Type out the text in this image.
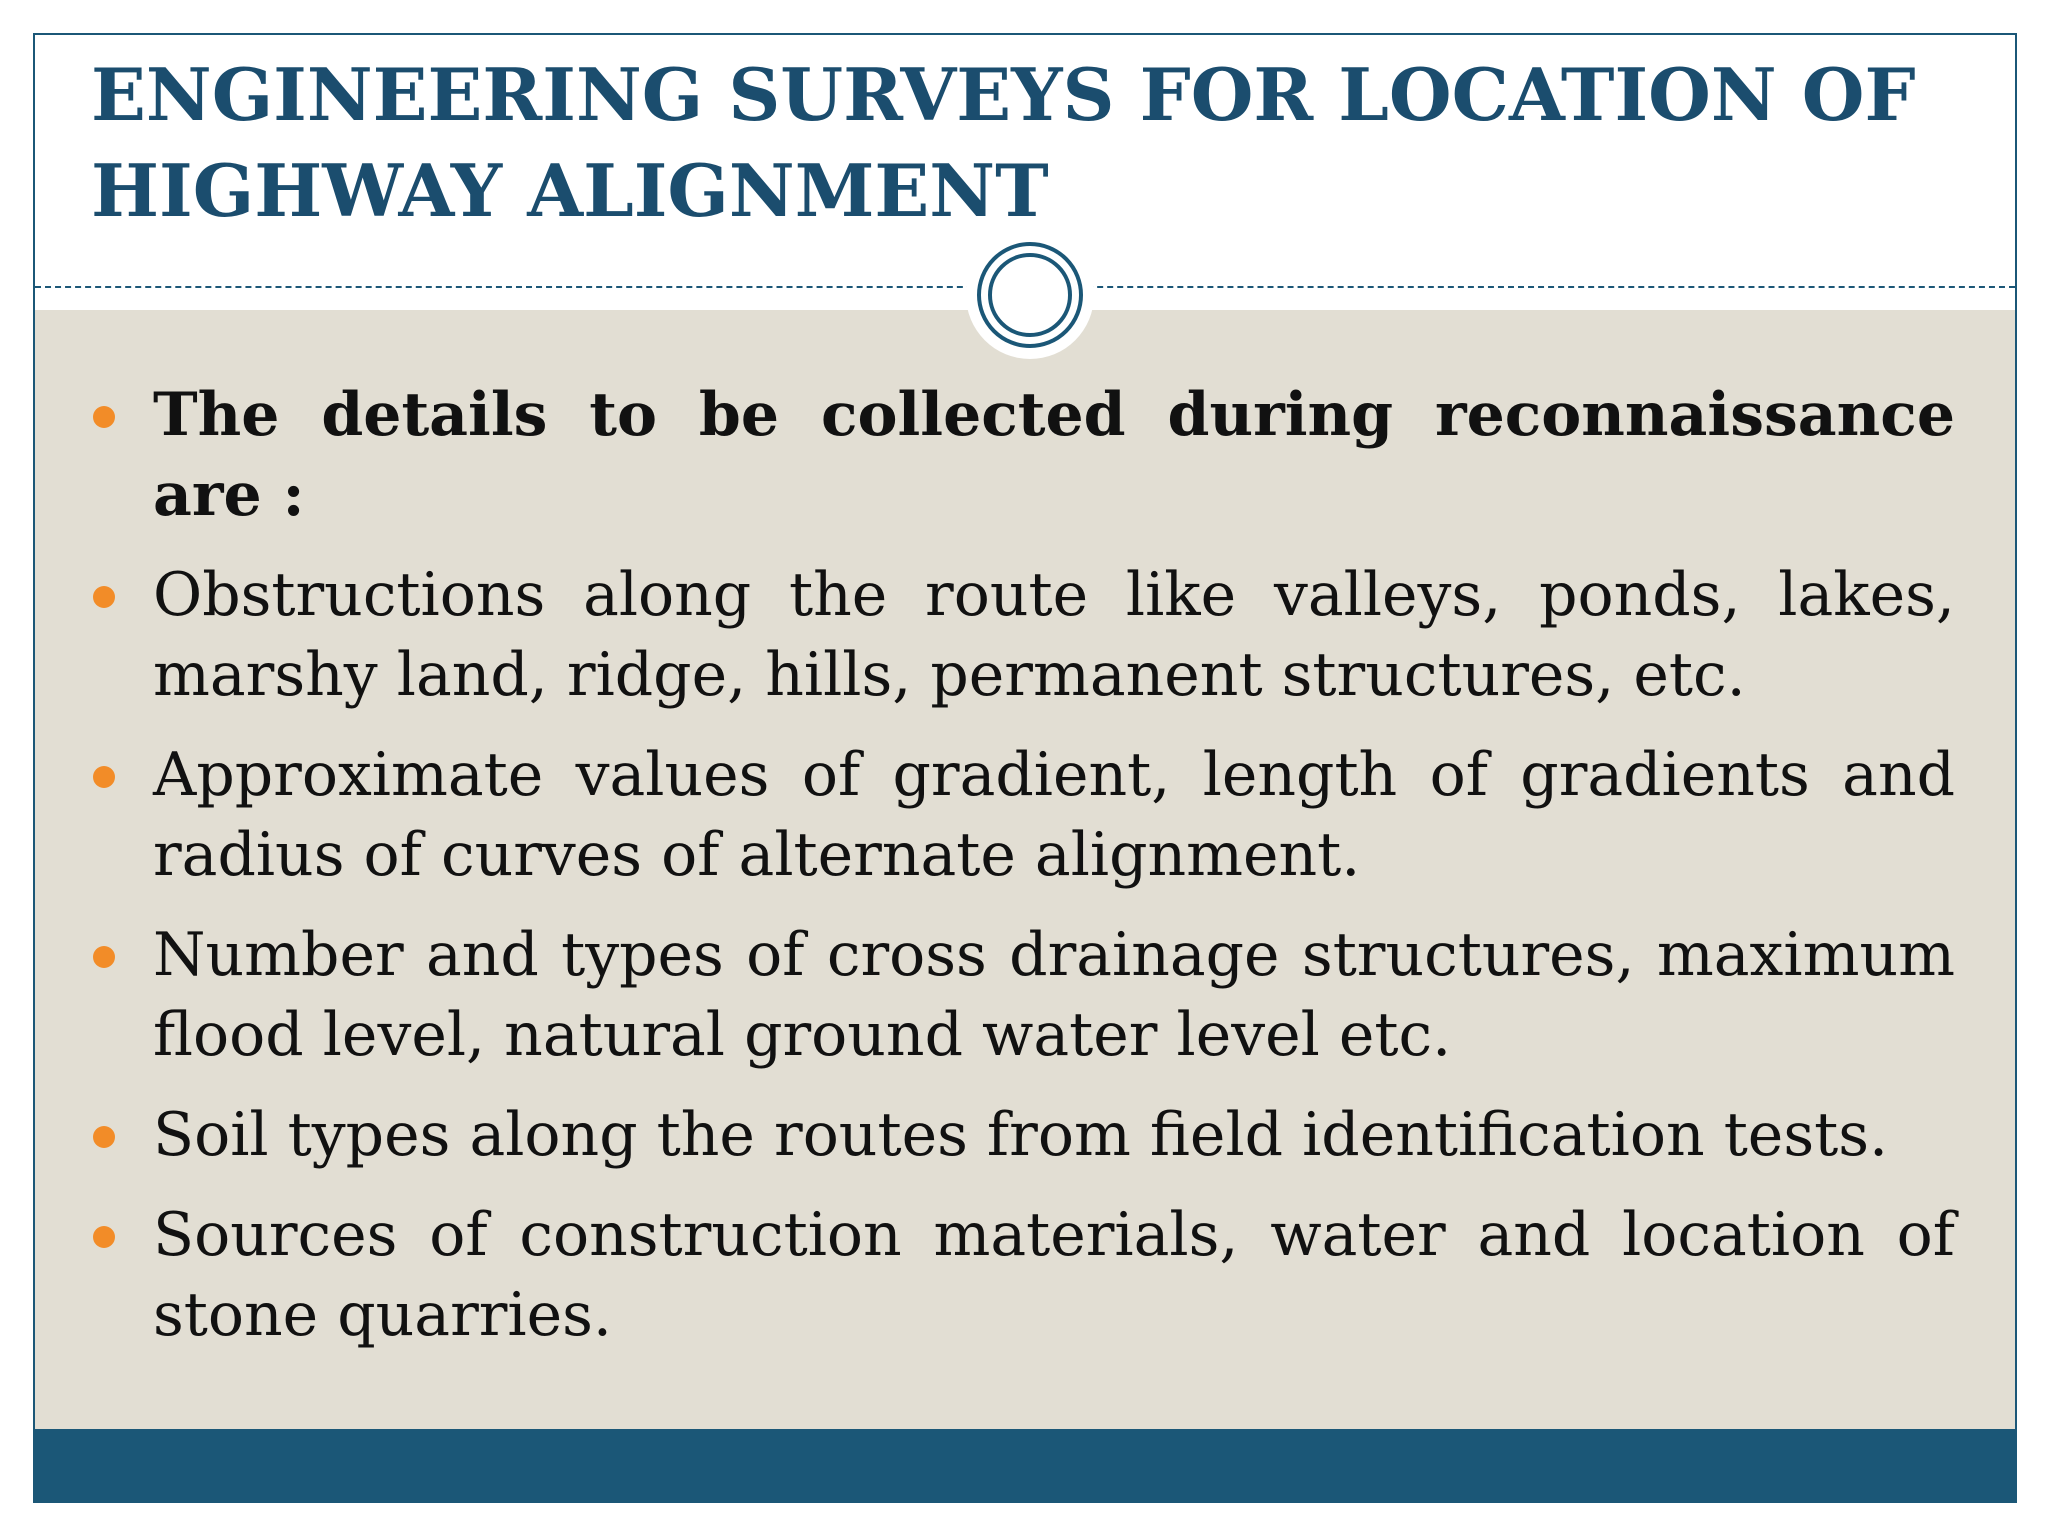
ENGINEERING SURVEYS FOR LOCATION OF HIGHWAY ALIGNMENT
The details to be collected during reconnaissance are :
Obstructions along the route like valleys, ponds, lakes, marshy land, ridge, hills, permanent structures, etc.
Approximate values of gradient, length of gradients and radius of curves of alternate alignment.
Number and types of cross drainage structures, maximum flood level, natural ground water level etc.
Soil types along the routes from field identification tests.
Sources of construction materials, water and location of stone quarries.
